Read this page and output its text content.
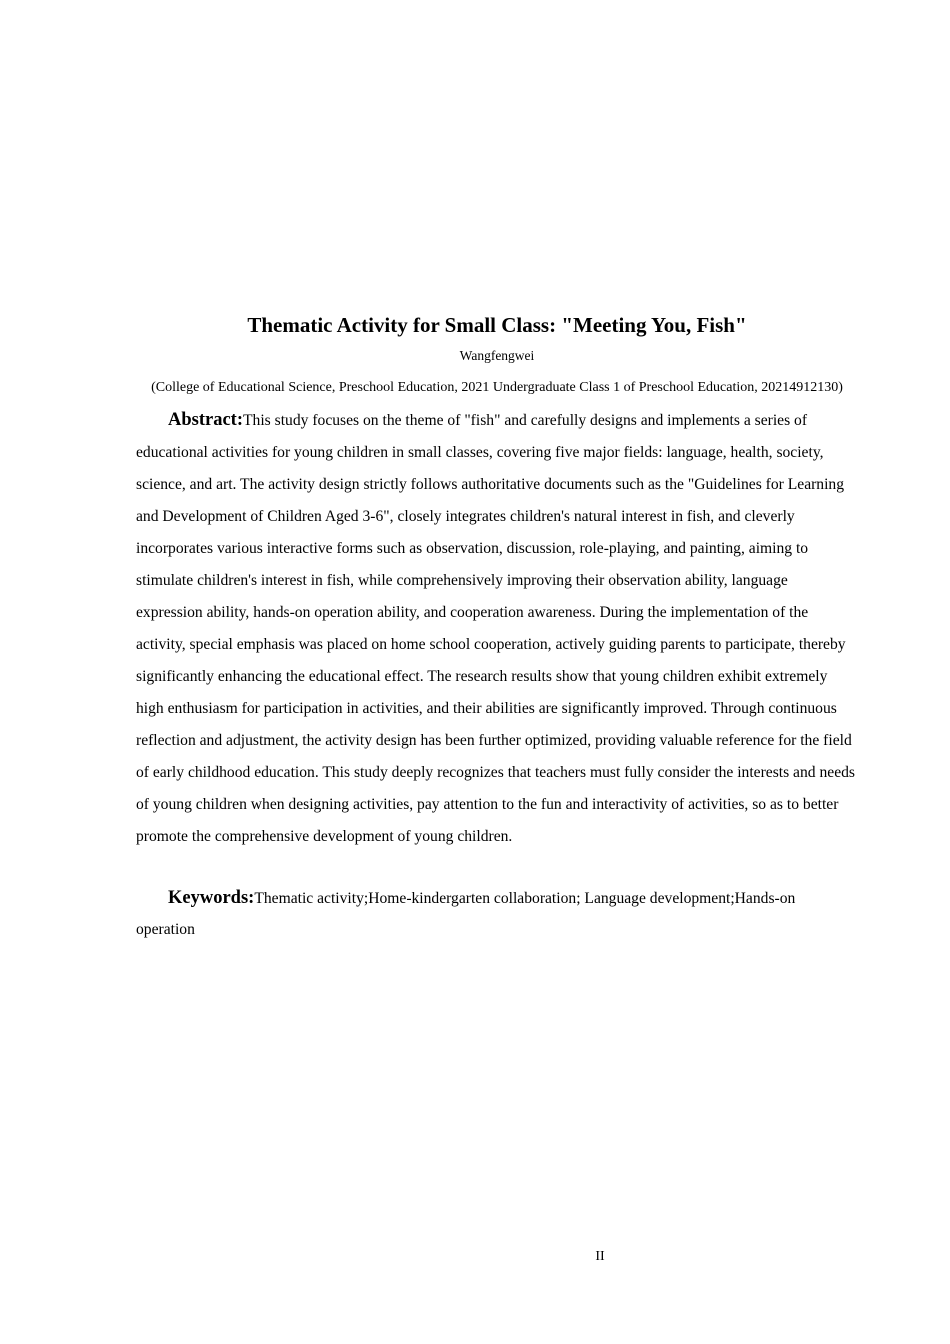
Thematic Activity for Small Class: "Meeting You, Fish"
Wangfengwei
(College of Educational Science, Preschool Education, 2021 Undergraduate Class 1 of Preschool Education, 20214912130)

Abstract:This study focuses on the theme of "fish" and carefully designs and implements a series of educational activities for young children in small classes, covering five major fields: language, health, society, science, and art. The activity design strictly follows authoritative documents such as the "Guidelines for Learning and Development of Children Aged 3-6", closely integrates children's natural interest in fish, and cleverly incorporates various interactive forms such as observation, discussion, role-playing, and painting, aiming to stimulate children's interest in fish, while comprehensively improving their observation ability, language expression ability, hands-on operation ability, and cooperation awareness. During the implementation of the activity, special emphasis was placed on home school cooperation, actively guiding parents to participate, thereby significantly enhancing the educational effect. The research results show that young children exhibit extremely high enthusiasm for participation in activities, and their abilities are significantly improved. Through continuous reflection and adjustment, the activity design has been further optimized, providing valuable reference for the field of early childhood education. This study deeply recognizes that teachers must fully consider the interests and needs of young children when designing activities, pay attention to the fun and interactivity of activities, so as to better promote the comprehensive development of young children.

Keywords:Thematic activity;Home-kindergarten collaboration; Language development;Hands-on operation

II
